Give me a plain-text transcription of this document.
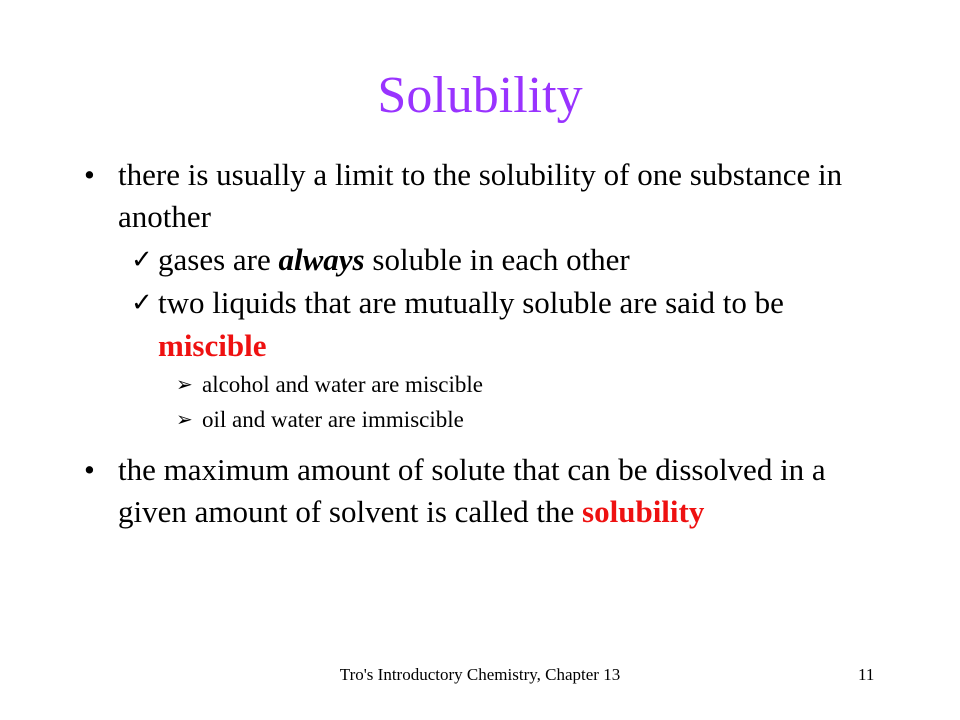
Solubility
• there is usually a limit to the solubility of one substance in another
✓ gases are always soluble in each other
✓ two liquids that are mutually soluble are said to be miscible
➢ alcohol and water are miscible
➢ oil and water are immiscible
• the maximum amount of solute that can be dissolved in a given amount of solvent is called the solubility
Tro's Introductory Chemistry, Chapter 13	11
